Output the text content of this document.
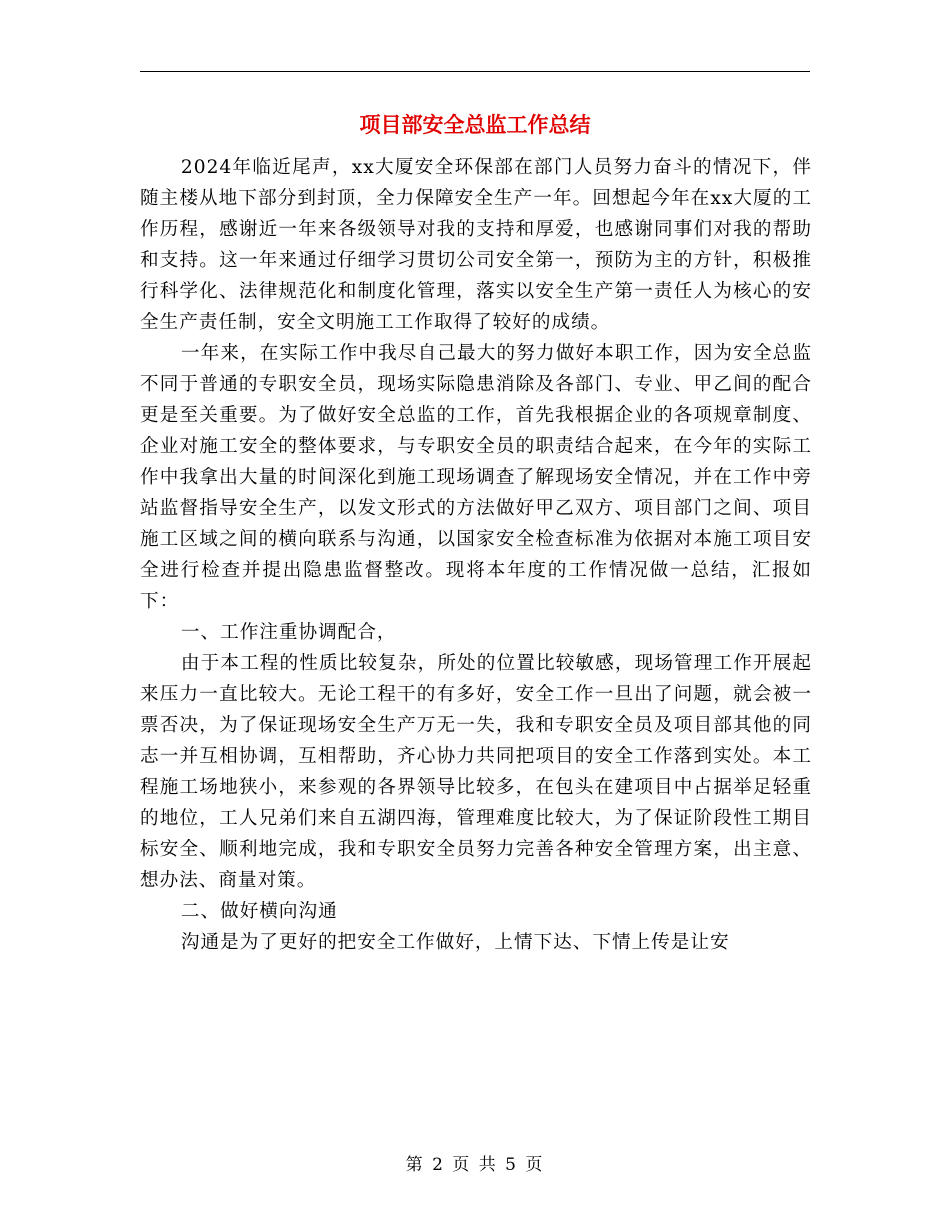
项目部安全总监工作总结

2024年临近尾声，xx大厦安全环保部在部门人员努力奋斗的情况下，伴随主楼从地下部分到封顶，全力保障安全生产一年。回想起今年在xx大厦的工作历程，感谢近一年来各级领导对我的支持和厚爱，也感谢同事们对我的帮助和支持。这一年来通过仔细学习贯切公司安全第一，预防为主的方针，积极推行科学化、法律规范化和制度化管理，落实以安全生产第一责任人为核心的安全生产责任制，安全文明施工工作取得了较好的成绩。

一年来，在实际工作中我尽自己最大的努力做好本职工作，因为安全总监不同于普通的专职安全员，现场实际隐患消除及各部门、专业、甲乙间的配合更是至关重要。为了做好安全总监的工作，首先我根据企业的各项规章制度、企业对施工安全的整体要求，与专职安全员的职责结合起来，在今年的实际工作中我拿出大量的时间深化到施工现场调查了解现场安全情况，并在工作中旁站监督指导安全生产，以发文形式的方法做好甲乙双方、项目部门之间、项目施工区域之间的横向联系与沟通，以国家安全检查标准为依据对本施工项目安全进行检查并提出隐患监督整改。现将本年度的工作情况做一总结，汇报如下：

一、工作注重协调配合，

由于本工程的性质比较复杂，所处的位置比较敏感，现场管理工作开展起来压力一直比较大。无论工程干的有多好，安全工作一旦出了问题，就会被一票否决，为了保证现场安全生产万无一失，我和专职安全员及项目部其他的同志一并互相协调，互相帮助，齐心协力共同把项目的安全工作落到实处。本工程施工场地狭小，来参观的各界领导比较多，在包头在建项目中占据举足轻重的地位，工人兄弟们来自五湖四海，管理难度比较大，为了保证阶段性工期目标安全、顺利地完成，我和专职安全员努力完善各种安全管理方案，出主意、想办法、商量对策。

二、做好横向沟通

沟通是为了更好的把安全工作做好，上情下达、下情上传是让安

第 2 页 共 5 页
